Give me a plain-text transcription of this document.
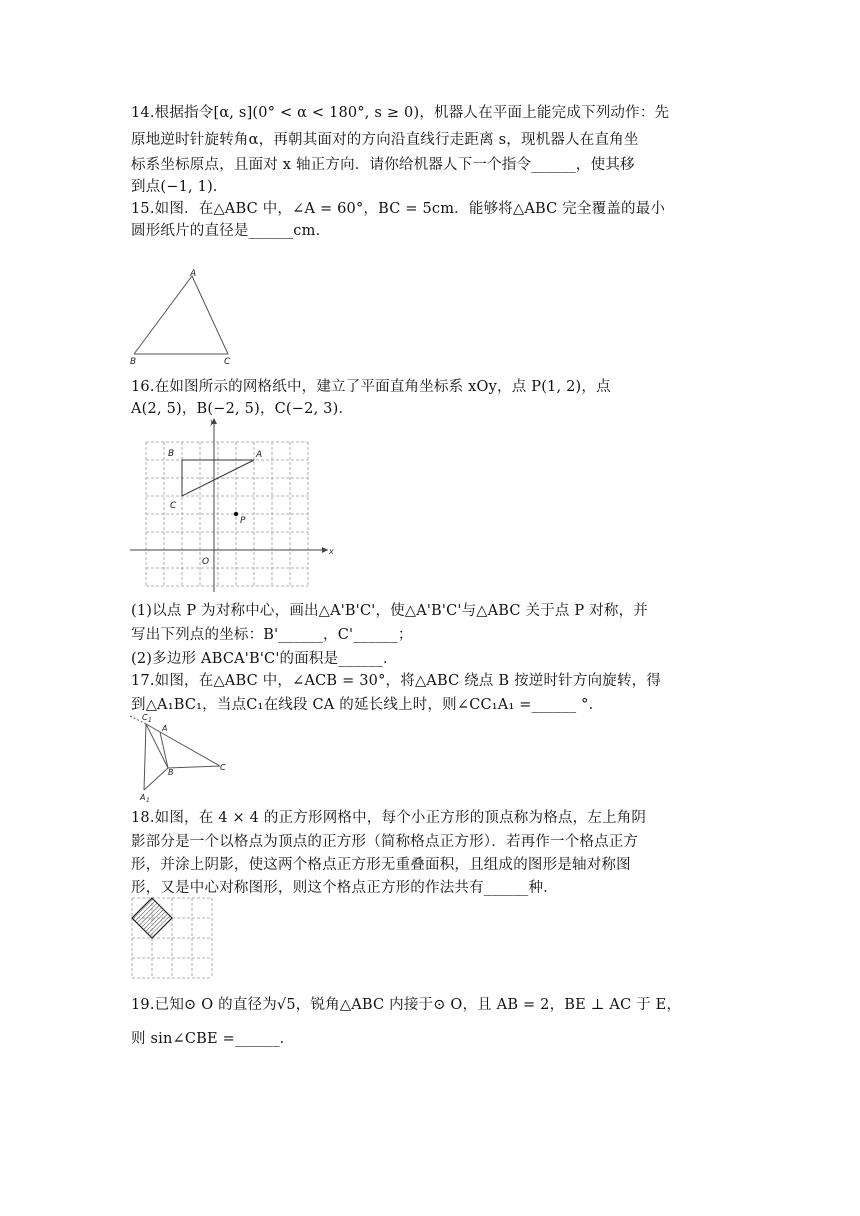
14.根据指令[α, s](0° < α < 180°, s ≥ 0)，机器人在平面上能完成下列动作：先
原地逆时针旋转角α，再朝其面对的方向沿直线行走距离 s，现机器人在直角坐
标系坐标原点，且面对 x 轴正方向．请你给机器人下一个指令______，使其移
到点(−1, 1)．
15.如图．在△ABC 中，∠A = 60°，BC = 5cm．能够将△ABC 完全覆盖的最小
圆形纸片的直径是______cm．
A
B	C
16.在如图所示的网格纸中，建立了平面直角坐标系 xOy，点 P(1, 2)，点
A(2, 5)，B(−2, 5)，C(−2, 3)．
y
x
B	A
C
P
O
(1)以点 P 为对称中心，画出△A'B'C'，使△A'B'C'与△ABC 关于点 P 对称，并
写出下列点的坐标：B'______，C'______；
(2)多边形 ABCA'B'C'的面积是______．
17.如图，在△ABC 中，∠ACB = 30°，将△ABC 绕点 B 按逆时针方向旋转，得
到△A₁BC₁，当点C₁在线段 CA 的延长线上时，则∠CC₁A₁ =______ °．
C 1
A
B
C
A 1
18.如图，在 4 × 4 的正方形网格中，每个小正方形的顶点称为格点，左上角阴
影部分是一个以格点为顶点的正方形（简称格点正方形）．若再作一个格点正方
形，并涂上阴影，使这两个格点正方形无重叠面积，且组成的图形是轴对称图
形，又是中心对称图形，则这个格点正方形的作法共有______种．
19.已知⊙ O 的直径为√5，锐角△ABC 内接于⊙ O，且 AB = 2，BE ⊥ AC 于 E，
则 sin∠CBE =______．
